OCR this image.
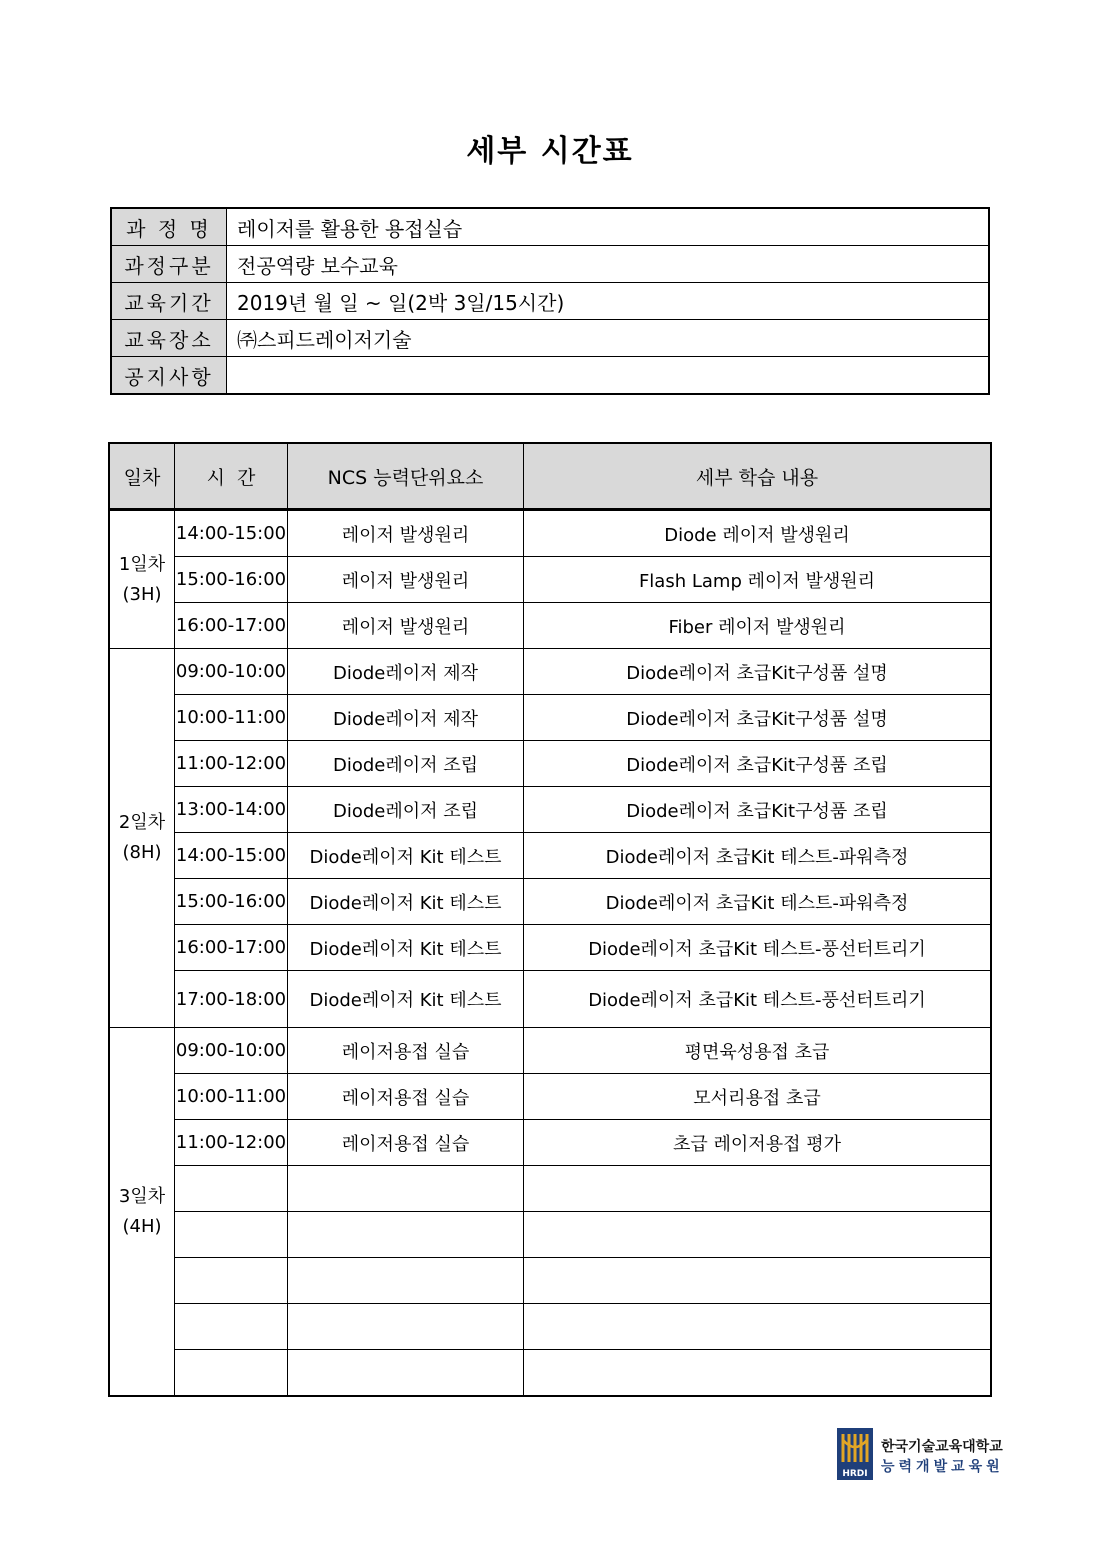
세부 시간표
과 정 명	레이저를 활용한 용접실습
과정구분	전공역량 보수교육
교육기간	2019년 월 일 ~ 일(2박 3일/15시간)
교육장소	㈜스피드레이저기술
공지사항	
일차	시  간	NCS 능력단위요소	세부 학습 내용

1일차
(3H)	14:00-15:00	레이저 발생원리	Diode 레이저 발생원리
	15:00-16:00	레이저 발생원리	Flash Lamp 레이저 발생원리
	16:00-17:00	레이저 발생원리	Fiber 레이저 발생원리

2일차
(8H)	09:00-10:00	Diode레이저 제작	Diode레이저 초급Kit구성품 설명
	10:00-11:00	Diode레이저 제작	Diode레이저 초급Kit구성품 설명
	11:00-12:00	Diode레이저 조립	Diode레이저 초급Kit구성품 조립
	13:00-14:00	Diode레이저 조립	Diode레이저 초급Kit구성품 조립
	14:00-15:00	Diode레이저 Kit 테스트	Diode레이저 초급Kit 테스트-파워측정
	15:00-16:00	Diode레이저 Kit 테스트	Diode레이저 초급Kit 테스트-파워측정
	16:00-17:00	Diode레이저 Kit 테스트	Diode레이저 초급Kit 테스트-풍선터트리기
	17:00-18:00	Diode레이저 Kit 테스트	Diode레이저 초급Kit 테스트-풍선터트리기

3일차
(4H)	09:00-10:00	레이저용접 실습	평면육성용접 초급
	10:00-11:00	레이저용접 실습	모서리용접 초급
	11:00-12:00	레이저용접 실습	초급 레이저용접 평가

HRDI
한국기술교육대학교
능력개발교육원
